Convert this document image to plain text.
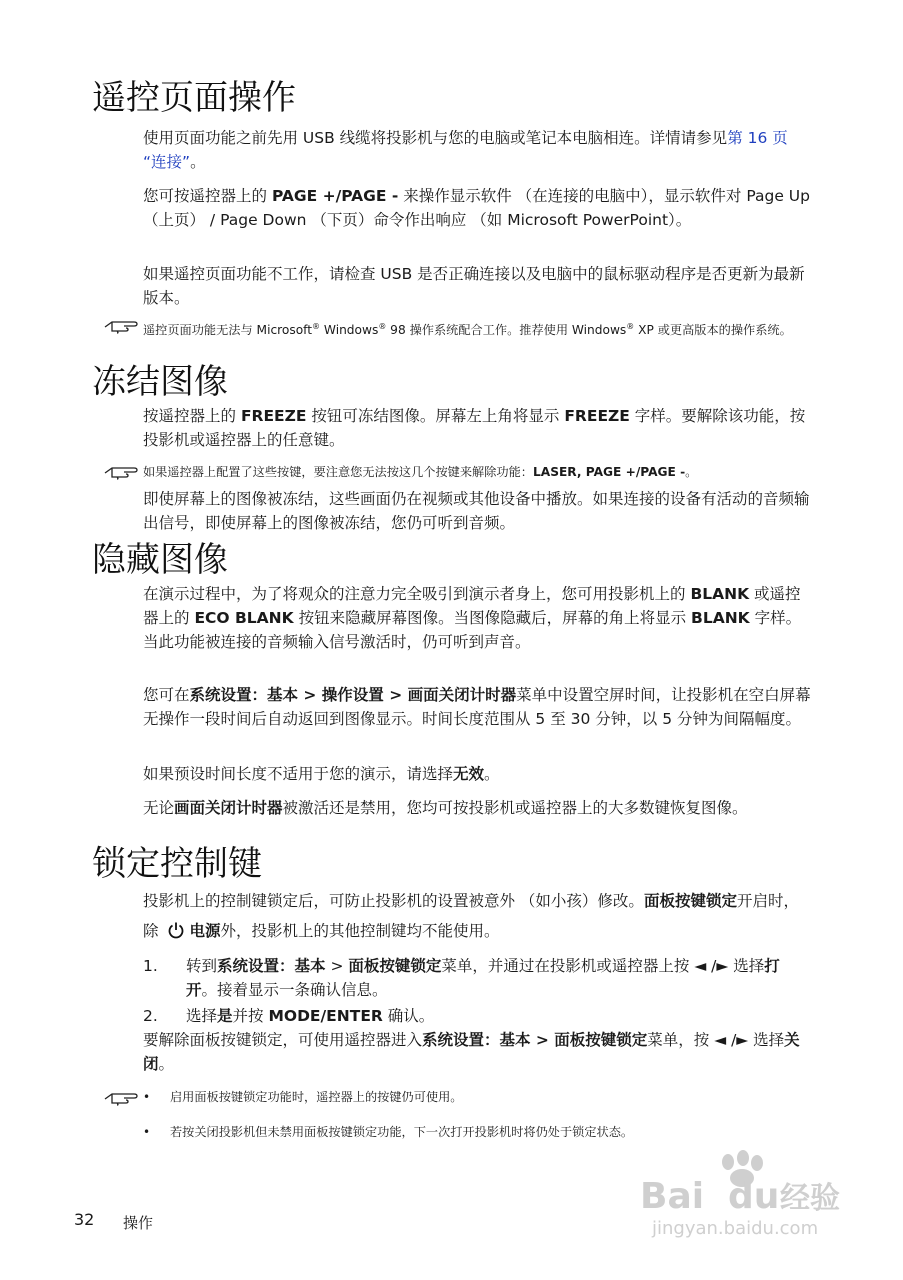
遥控页面操作

使用页面功能之前先用 USB 线缆将投影机与您的电脑或笔记本电脑相连。详情请参见第 16 页 “连接”。

您可按遥控器上的 PAGE +/PAGE - 来操作显示软件 （在连接的电脑中），显示软件对 Page Up （上页） / Page Down （下页）命令作出响应 （如 Microsoft PowerPoint）。

如果遥控页面功能不工作，请检查 USB 是否正确连接以及电脑中的鼠标驱动程序是否更新为最新版本。

遥控页面功能无法与 Microsoft® Windows® 98 操作系统配合工作。推荐使用 Windows® XP 或更高版本的操作系统。

冻结图像

按遥控器上的 FREEZE 按钮可冻结图像。屏幕左上角将显示 FREEZE 字样。要解除该功能，按投影机或遥控器上的任意键。

如果遥控器上配置了这些按键，要注意您无法按这几个按键来解除功能：LASER, PAGE +/PAGE -。

即使屏幕上的图像被冻结，这些画面仍在视频或其他设备中播放。如果连接的设备有活动的音频输出信号，即使屏幕上的图像被冻结，您仍可听到音频。

隐藏图像

在演示过程中，为了将观众的注意力完全吸引到演示者身上，您可用投影机上的 BLANK 或遥控器上的 ECO BLANK 按钮来隐藏屏幕图像。当图像隐藏后，屏幕的角上将显示 BLANK 字样。当此功能被连接的音频输入信号激活时，仍可听到声音。

您可在系统设置：基本 > 操作设置 > 画面关闭计时器菜单中设置空屏时间，让投影机在空白屏幕无操作一段时间后自动返回到图像显示。时间长度范围从 5 至 30 分钟，以 5 分钟为间隔幅度。

如果预设时间长度不适用于您的演示，请选择无效。

无论画面关闭计时器被激活还是禁用，您均可按投影机或遥控器上的大多数键恢复图像。

锁定控制键

投影机上的控制键锁定后，可防止投影机的设置被意外 （如小孩）修改。面板按键锁定开启时，除 电源外，投影机上的其他控制键均不能使用。

1. 转到系统设置：基本 > 面板按键锁定菜单，并通过在投影机或遥控器上按 ◄ /► 选择打开。接着显示一条确认信息。

2. 选择是并按 MODE/ENTER 确认。

要解除面板按键锁定，可使用遥控器进入系统设置：基本 > 面板按键锁定菜单，按 ◄ /► 选择关闭。

• 启用面板按键锁定功能时，遥控器上的按键仍可使用。

• 若按关闭投影机但未禁用面板按键锁定功能，下一次打开投影机时将仍处于锁定状态。

Bai du 经验
jingyan.baidu.com
32 操作
